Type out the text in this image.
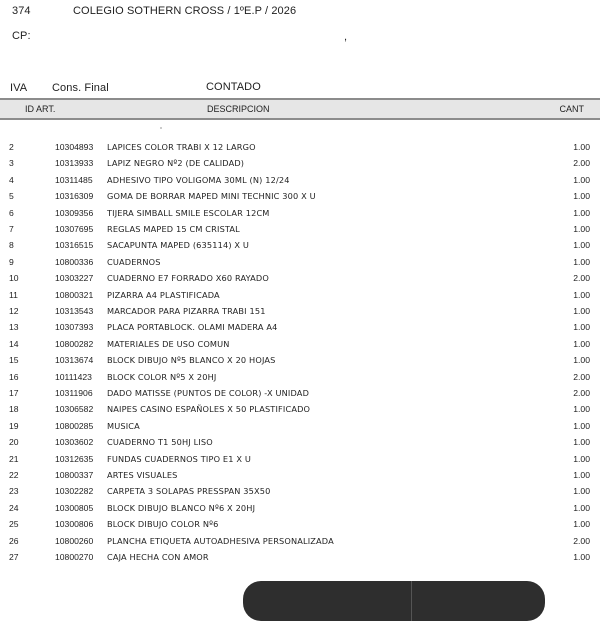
374	COLEGIO SOTHERN CROSS / 1ºE.P / 2026
CP:	,
IVA Cons. Final	CONTADO
ID ART.	DESCRIPCION	CANT
2	10304893 LAPICES COLOR TRABI X 12 LARGO	1.00
3	10313933 LAPIZ NEGRO Nº2 (DE CALIDAD)	2.00
4	10311485 ADHESIVO TIPO VOLIGOMA 30ML (N) 12/24	1.00
5	10316309 GOMA DE BORRAR MAPED MINI TECHNIC 300 X U	1.00
6	10309356 TIJERA SIMBALL SMILE ESCOLAR 12CM	1.00
7	10307695 REGLAS MAPED 15 CM CRISTAL	1.00
8	10316515 SACAPUNTA MAPED (635114) X U	1.00
9	10800336 CUADERNOS	1.00
10	10303227 CUADERNO E7 FORRADO X60 RAYADO	2.00
11	10800321 PIZARRA A4 PLASTIFICADA	1.00
12	10313543 MARCADOR PARA PIZARRA TRABI 151	1.00
13	10307393 PLACA PORTABLOCK. OLAMI MADERA A4	1.00
14	10800282 MATERIALES DE USO COMUN	1.00
15	10313674 BLOCK DIBUJO Nº5 BLANCO X 20 HOJAS	1.00
16	10111423 BLOCK COLOR Nº5 X 20HJ	2.00
17	10311906 DADO MATISSE (PUNTOS DE COLOR) -X UNIDAD	2.00
18	10306582 NAIPES CASINO ESPAÑOLES X 50 PLASTIFICADO	1.00
19	10800285 MUSICA	1.00
20	10303602 CUADERNO T1 50HJ LISO	1.00
21	10312635 FUNDAS CUADERNOS TIPO E1 X U	1.00
22	10800337 ARTES VISUALES	1.00
23	10302282 CARPETA 3 SOLAPAS PRESSPAN 35X50	1.00
24	10300805 BLOCK DIBUJO BLANCO Nº6 X 20HJ	1.00
25	10300806 BLOCK DIBUJO COLOR Nº6	1.00
26	10800260 PLANCHA ETIQUETA AUTOADHESIVA PERSONALIZADA	2.00
27	10800270 CAJA HECHA CON AMOR	1.00
